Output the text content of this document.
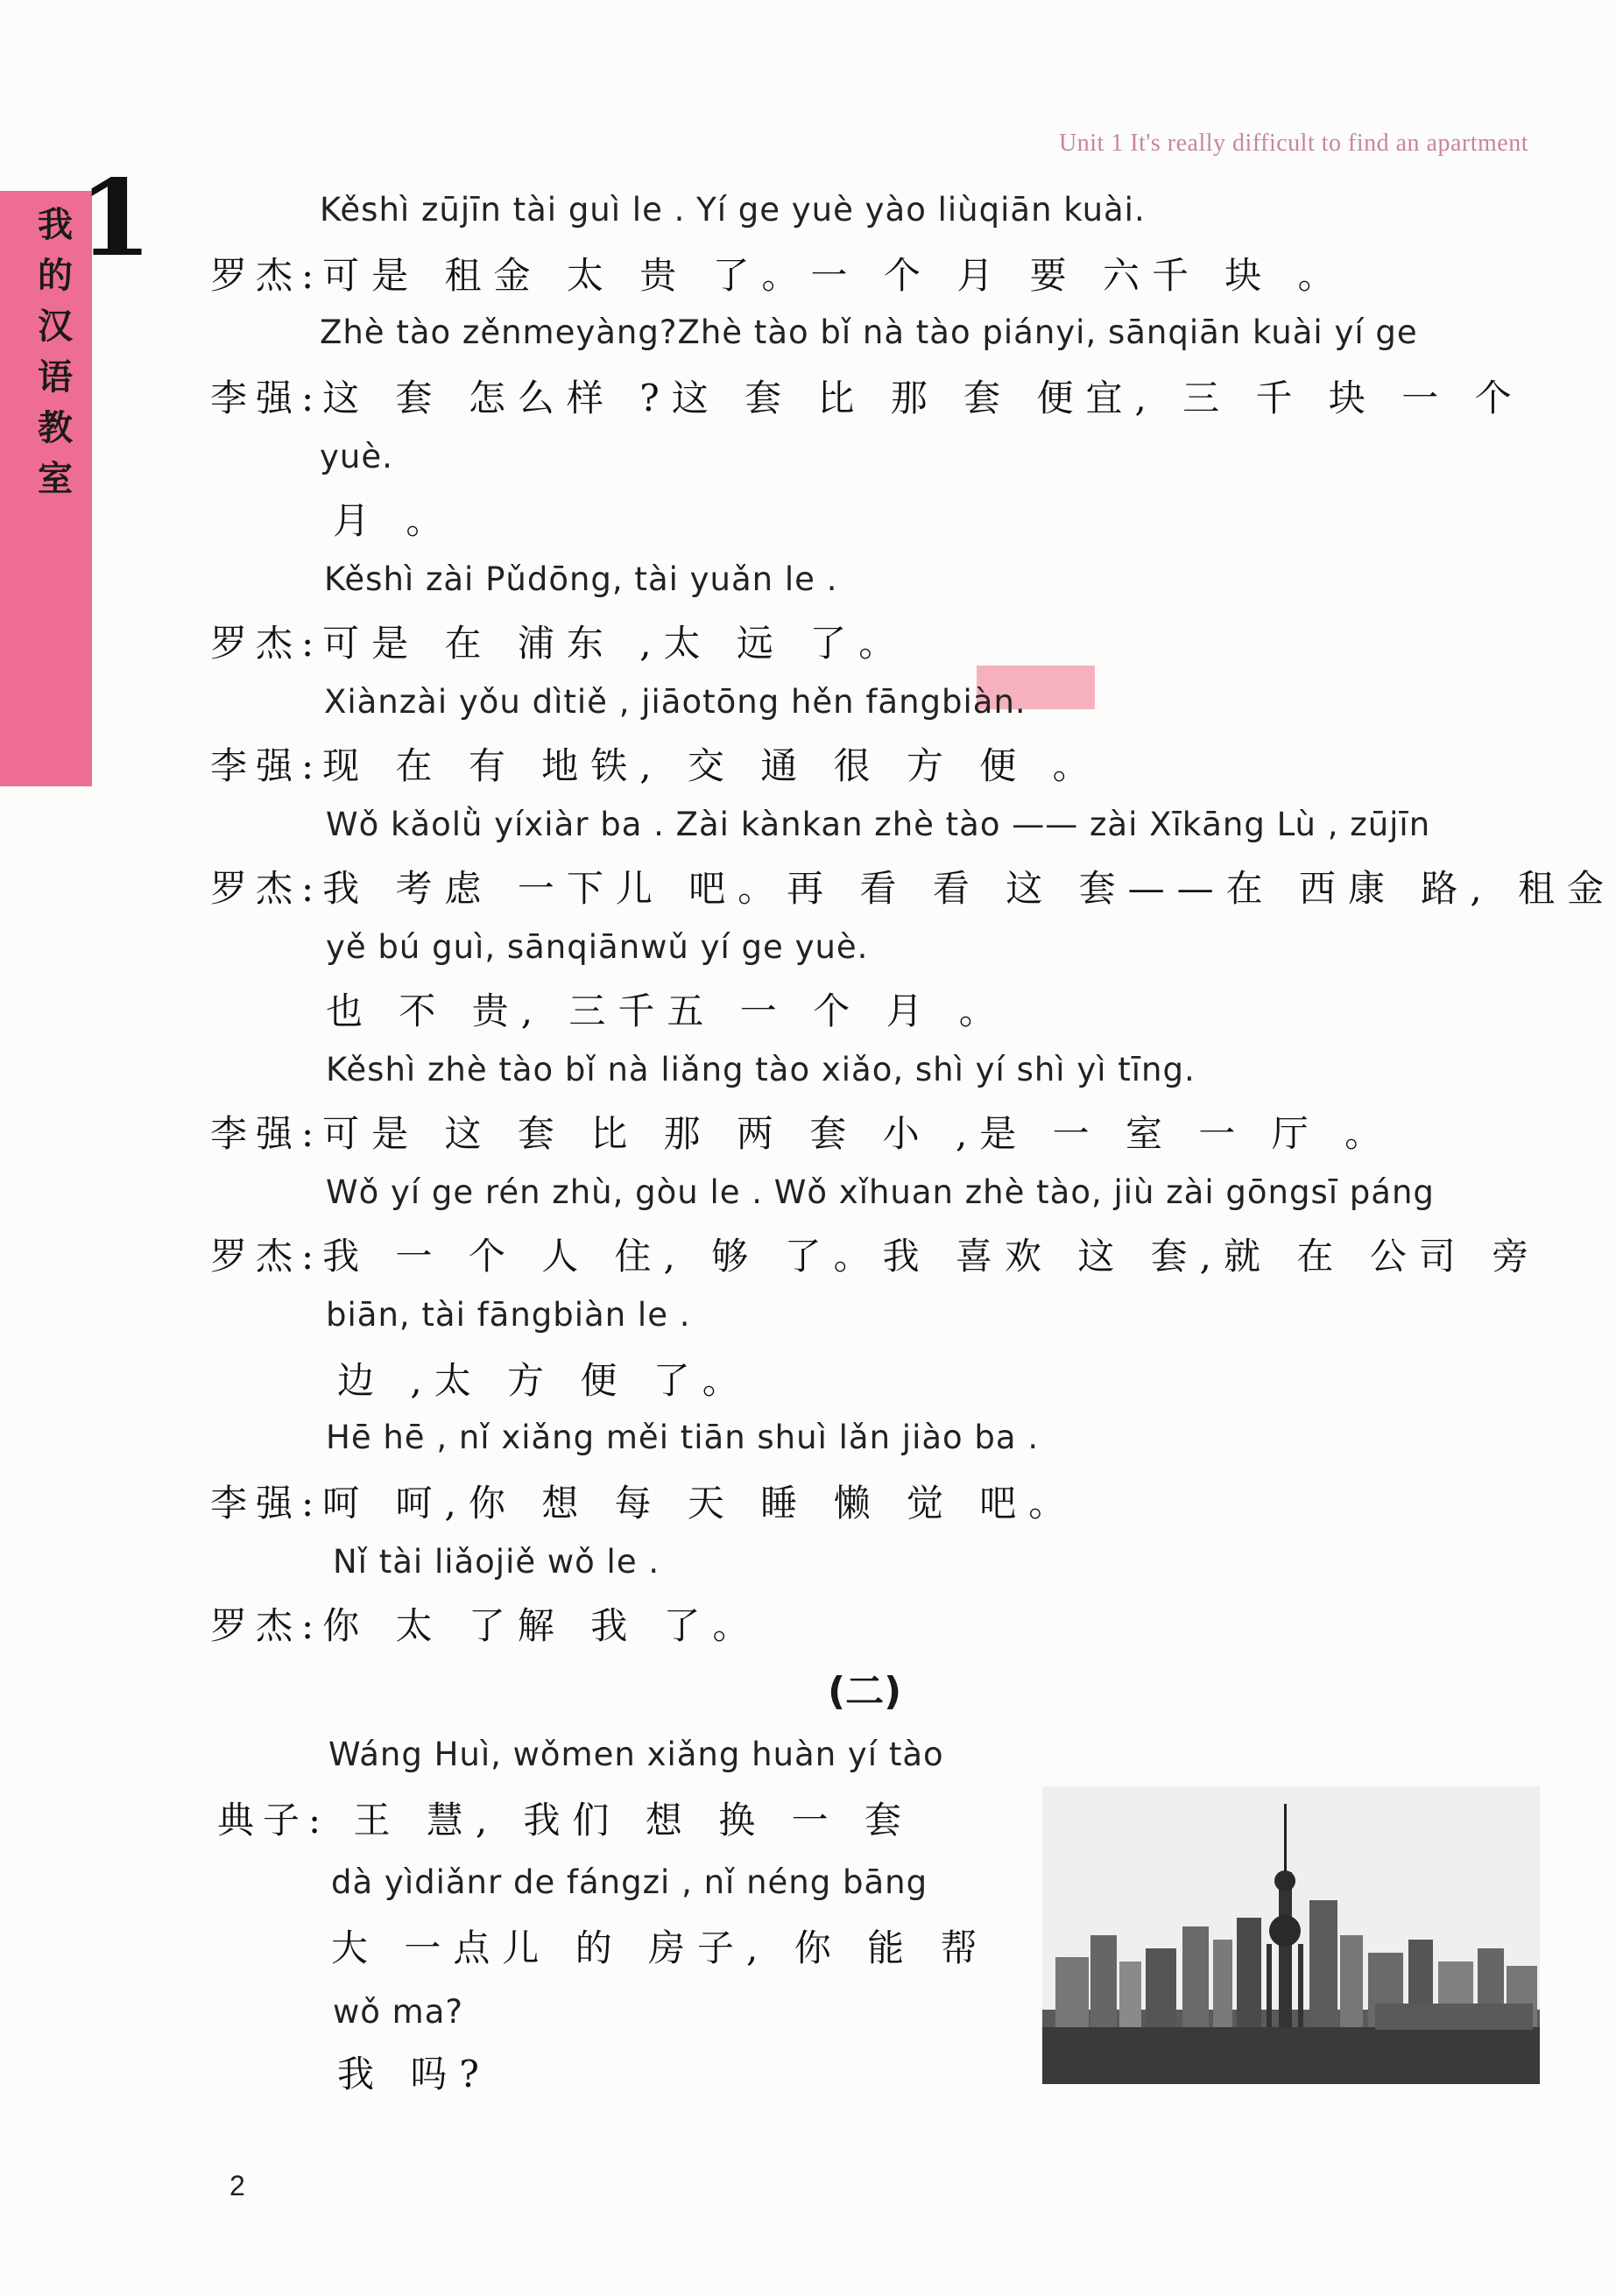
Unit 1 It's really difficult to find an apartment
我的汉语教室
1	Kěshì zūjīn tài guì le . Yí ge yuè yào liùqiān kuài.
罗杰:可是 租金 太 贵 了。一 个 月 要 六千 块 。
Zhè tào zěnmeyàng?Zhè tào bǐ nà tào piányi, sānqiān kuài yí ge
李强:这 套 怎么样 ?这 套 比 那 套 便宜, 三 千 块 一 个
yuè.
月 。
Kěshì zài Pǔdōng, tài yuǎn le .
罗杰:可是 在 浦东 ,太 远 了。
Xiànzài yǒu dìtiě , jiāotōng hěn fāngbiàn.
李强:现 在 有 地铁, 交 通 很 方 便 。
Wǒ kǎolǜ yíxiàr ba . Zài kànkan zhè tào —— zài Xīkāng Lù , zūjīn
罗杰:我 考虑 一下儿 吧。再 看 看 这 套——在 西康 路, 租金
yě bú guì, sānqiānwǔ yí ge yuè.
也 不 贵, 三千五 一 个 月 。
Kěshì zhè tào bǐ nà liǎng tào xiǎo, shì yí shì yì tīng.
李强:可是 这 套 比 那 两 套 小 ,是 一 室 一 厅 。
Wǒ yí ge rén zhù, gòu le . Wǒ xǐhuan zhè tào, jiù zài gōngsī páng
罗杰:我 一 个 人 住, 够 了。我 喜欢 这 套,就 在 公司 旁
biān, tài fāngbiàn le .
边 ,太 方 便 了。
Hē hē , nǐ xiǎng měi tiān shuì lǎn jiào ba .
李强:呵 呵,你 想 每 天 睡 懒 觉 吧。
Nǐ tài liǎojiě wǒ le .
罗杰:你 太 了解 我 了。
(二)
Wáng Huì, wǒmen xiǎng huàn yí tào
典子: 王 慧, 我们 想 换 一 套
dà yìdiǎnr de fángzi , nǐ néng bāng
大 一点儿 的 房子, 你 能 帮
wǒ ma?
我 吗?
2
